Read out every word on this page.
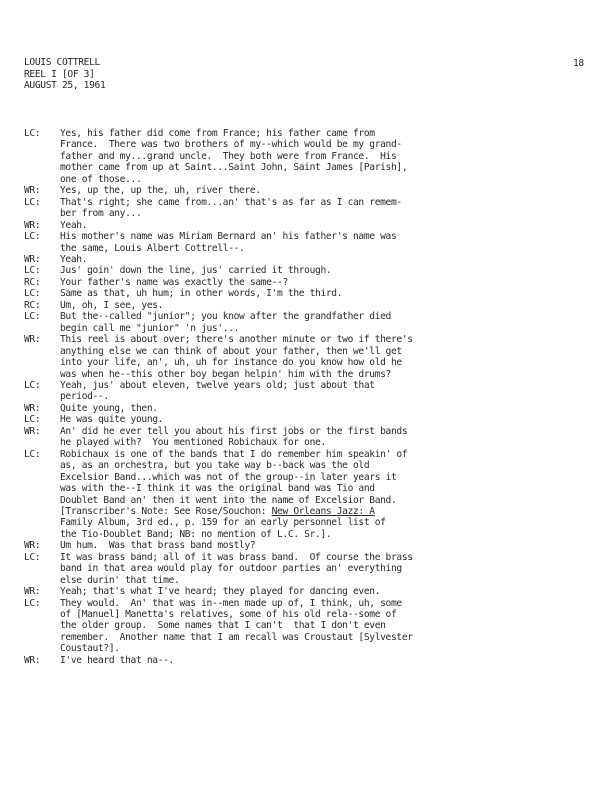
LOUIS COTTRELL
REEL I [OF 3]
AUGUST 25, 1961
18
LC: Yes, his father did come from France; his father came from
France.  There was two brothers of my--which would be my grand-
father and my...grand uncle.  They both were from France.  His
mother came from up at Saint...Saint John, Saint James [Parish],
one of those...
WR: Yes, up the, up the, uh, river there.
LC: That's right; she came from...an' that's as far as I can remem-
ber from any...
WR: Yeah.
LC: His mother's name was Miriam Bernard an' his father's name was
the same, Louis Albert Cottrell--.
WR: Yeah.
LC: Jus' goin' down the line, jus' carried it through.
RC: Your father's name was exactly the same--?
LC: Same as that, uh hum; in other words, I'm the third.
RC: Um, oh, I see, yes.
LC: But the--called "junior"; you know after the grandfather died
begin call me "junior" 'n jus'...
WR: This reel is about over; there's another minute or two if there's
anything else we can think of about your father, then we'll get
into your life, an', uh, uh for instance do you know how old he
was when he--this other boy began helpin' him with the drums?
LC: Yeah, jus' about eleven, twelve years old; just about that
period--.
WR: Quite young, then.
LC: He was quite young.
WR: An' did he ever tell you about his first jobs or the first bands
he played with?  You mentioned Robichaux for one.
LC: Robichaux is one of the bands that I do remember him speakin' of
as, as an orchestra, but you take way b--back was the old
Excelsior Band...which was not of the group--in later years it
was with the--I think it was the original band was Tio and
Doublet Band an' then it went into the name of Excelsior Band.
[Transcriber's Note: See Rose/Souchon: New Orleans Jazz: A
Family Album, 3rd ed., p. 159 for an early personnel list of
the Tio-Doublet Band; NB: no mention of L.C. Sr.].
WR: Um hum.  Was that brass band mostly?
LC: It was brass band; all of it was brass band.  Of course the brass
band in that area would play for outdoor parties an' everything
else durin' that time.
WR: Yeah; that's what I've heard; they played for dancing even.
LC: They would.  An' that was in--men made up of, I think, uh, some
of [Manuel] Manetta's relatives, some of his old rela--some of
the older group.  Some names that I can't  that I don't even
remember.  Another name that I am recall was Croustaut [Sylvester
Coustaut?].
WR: I've heard that na--.
